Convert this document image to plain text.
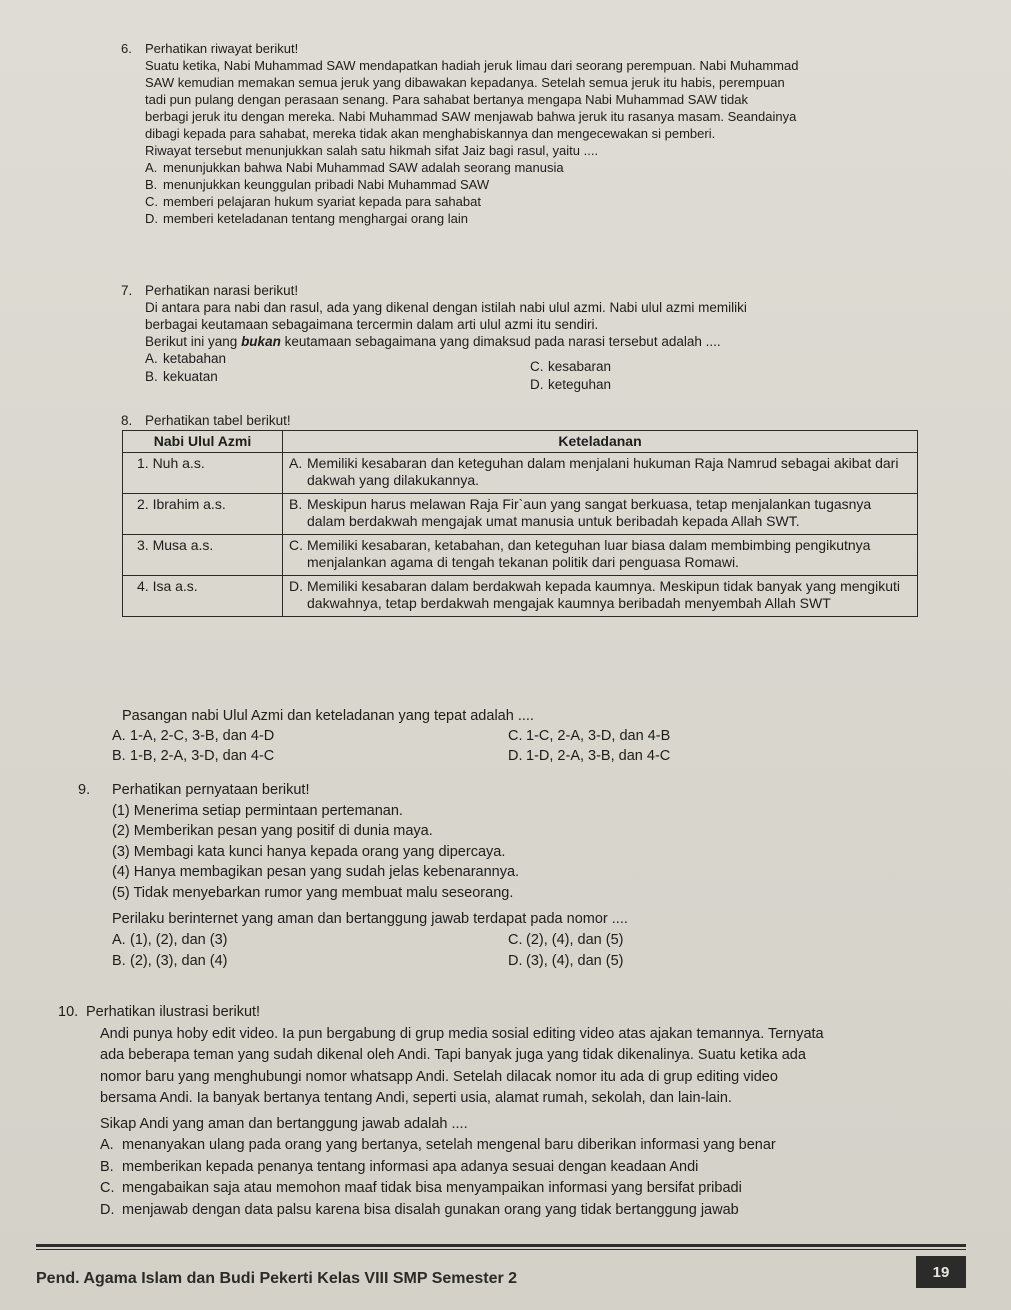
6. Perhatikan riwayat berikut!
Suatu ketika, Nabi Muhammad SAW mendapatkan hadiah jeruk limau dari seorang perempuan. Nabi Muhammad
SAW kemudian memakan semua jeruk yang dibawakan kepadanya. Setelah semua jeruk itu habis, perempuan
tadi pun pulang dengan perasaan senang. Para sahabat bertanya mengapa Nabi Muhammad SAW tidak
berbagi jeruk itu dengan mereka. Nabi Muhammad SAW menjawab bahwa jeruk itu rasanya masam. Seandainya
dibagi kepada para sahabat, mereka tidak akan menghabiskannya dan mengecewakan si pemberi.
Riwayat tersebut menunjukkan salah satu hikmah sifat Jaiz bagi rasul, yaitu ....
A. menunjukkan bahwa Nabi Muhammad SAW adalah seorang manusia
B. menunjukkan keunggulan pribadi Nabi Muhammad SAW
C. memberi pelajaran hukum syariat kepada para sahabat
D. memberi keteladanan tentang menghargai orang lain
7. Perhatikan narasi berikut!
Di antara para nabi dan rasul, ada yang dikenal dengan istilah nabi ulul azmi. Nabi ulul azmi memiliki
berbagai keutamaan sebagaimana tercermin dalam arti ulul azmi itu sendiri.
Berikut ini yang bukan keutamaan sebagaimana yang dimaksud pada narasi tersebut adalah ....
A. ketabahan
C. kesabaran
B. kekuatan
D. keteguhan
8. Perhatikan tabel berikut!
Nabi Ulul Azmi	Keteladanan
1. Nuh a.s.	A. Memiliki kesabaran dan keteguhan dalam menjalani hukuman Raja Namrud sebagai akibat dari dakwah yang dilakukannya.

2. Ibrahim a.s.	B. Meskipun harus melawan Raja Fir`aun yang sangat berkuasa, tetap menjalankan tugasnya dalam berdakwah mengajak umat manusia untuk beribadah kepada Allah SWT.

3. Musa a.s.	C. Memiliki kesabaran, ketabahan, dan keteguhan luar biasa dalam membimbing pengikutnya menjalankan agama di tengah tekanan politik dari penguasa Romawi.

4. Isa a.s.	D. Memiliki kesabaran dalam berdakwah kepada kaumnya. Meskipun tidak banyak yang mengikuti dakwahnya, tetap berdakwah mengajak kaumnya beribadah menyembah Allah SWT
Pasangan nabi Ulul Azmi dan keteladanan yang tepat adalah ....
A. 1-A, 2-C, 3-B, dan 4-D	C. 1-C, 2-A, 3-D, dan 4-B
B. 1-B, 2-A, 3-D, dan 4-C	D. 1-D, 2-A, 3-B, dan 4-C
9.	Perhatikan pernyataan berikut!
(1) Menerima setiap permintaan pertemanan.
(2) Memberikan pesan yang positif di dunia maya.
(3) Membagi kata kunci hanya kepada orang yang dipercaya.
(4) Hanya membagikan pesan yang sudah jelas kebenarannya.
(5) Tidak menyebarkan rumor yang membuat malu seseorang.
Perilaku berinternet yang aman dan bertanggung jawab terdapat pada nomor ....
A. (1), (2), dan (3)	C. (2), (4), dan (5)
B. (2), (3), dan (4)	D. (3), (4), dan (5)
10. Perhatikan ilustrasi berikut!
Andi punya hoby edit video. Ia pun bergabung di grup media sosial editing video atas ajakan temannya. Ternyata
ada beberapa teman yang sudah dikenal oleh Andi. Tapi banyak juga yang tidak dikenalinya. Suatu ketika ada
nomor baru yang menghubungi nomor whatsapp Andi. Setelah dilacak nomor itu ada di grup editing video
bersama Andi. Ia banyak bertanya tentang Andi, seperti usia, alamat rumah, sekolah, dan lain-lain.
Sikap Andi yang aman dan bertanggung jawab adalah ....
A. menanyakan ulang pada orang yang bertanya, setelah mengenal baru diberikan informasi yang benar
B. memberikan kepada penanya tentang informasi apa adanya sesuai dengan keadaan Andi
C. mengabaikan saja atau memohon maaf tidak bisa menyampaikan informasi yang bersifat pribadi
D. menjawab dengan data palsu karena bisa disalah gunakan orang yang tidak bertanggung jawab
Pend. Agama Islam dan Budi Pekerti Kelas VIII SMP Semester 2	19
